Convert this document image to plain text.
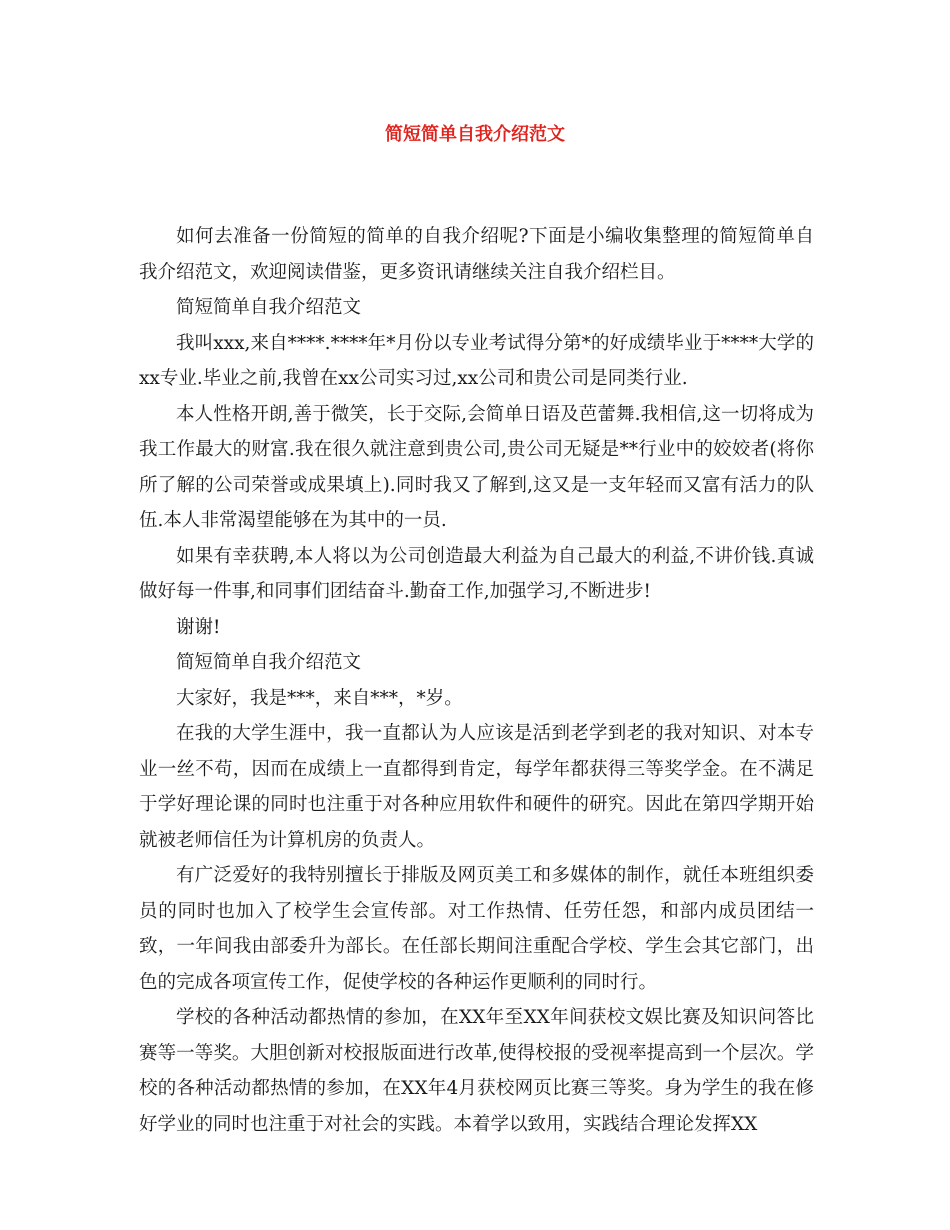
简短简单自我介绍范文

如何去准备一份简短的简单的自我介绍呢?下面是小编收集整理的简短简单自我介绍范文，欢迎阅读借鉴，更多资讯请继续关注自我介绍栏目。

简短简单自我介绍范文

我叫xxx,来自****.****年*月份以专业考试得分第*的好成绩毕业于****大学的xx专业.毕业之前,我曾在xx公司实习过,xx公司和贵公司是同类行业.

本人性格开朗,善于微笑，长于交际,会简单日语及芭蕾舞.我相信,这一切将成为我工作最大的财富.我在很久就注意到贵公司,贵公司无疑是**行业中的姣姣者(将你所了解的公司荣誉或成果填上).同时我又了解到,这又是一支年轻而又富有活力的队伍.本人非常渴望能够在为其中的一员.

如果有幸获聘,本人将以为公司创造最大利益为自己最大的利益,不讲价钱.真诚做好每一件事,和同事们团结奋斗.勤奋工作,加强学习,不断进步!

谢谢!

简短简单自我介绍范文

大家好，我是***，来自***，*岁。

在我的大学生涯中，我一直都认为人应该是活到老学到老的我对知识、对本专业一丝不苟，因而在成绩上一直都得到肯定，每学年都获得三等奖学金。在不满足于学好理论课的同时也注重于对各种应用软件和硬件的研究。因此在第四学期开始就被老师信任为计算机房的负责人。

有广泛爱好的我特别擅长于排版及网页美工和多媒体的制作，就任本班组织委员的同时也加入了校学生会宣传部。对工作热情、任劳任怨，和部内成员团结一致，一年间我由部委升为部长。在任部长期间注重配合学校、学生会其它部门，出色的完成各项宣传工作，促使学校的各种运作更顺利的同时行。

学校的各种活动都热情的参加，在XX年至XX年间获校文娱比赛及知识问答比赛等一等奖。大胆创新对校报版面进行改革,使得校报的受视率提高到一个层次。学校的各种活动都热情的参加，在XX年4月获校网页比赛三等奖。身为学生的我在修好学业的同时也注重于对社会的实践。本着学以致用，实践结合理论发挥XX
